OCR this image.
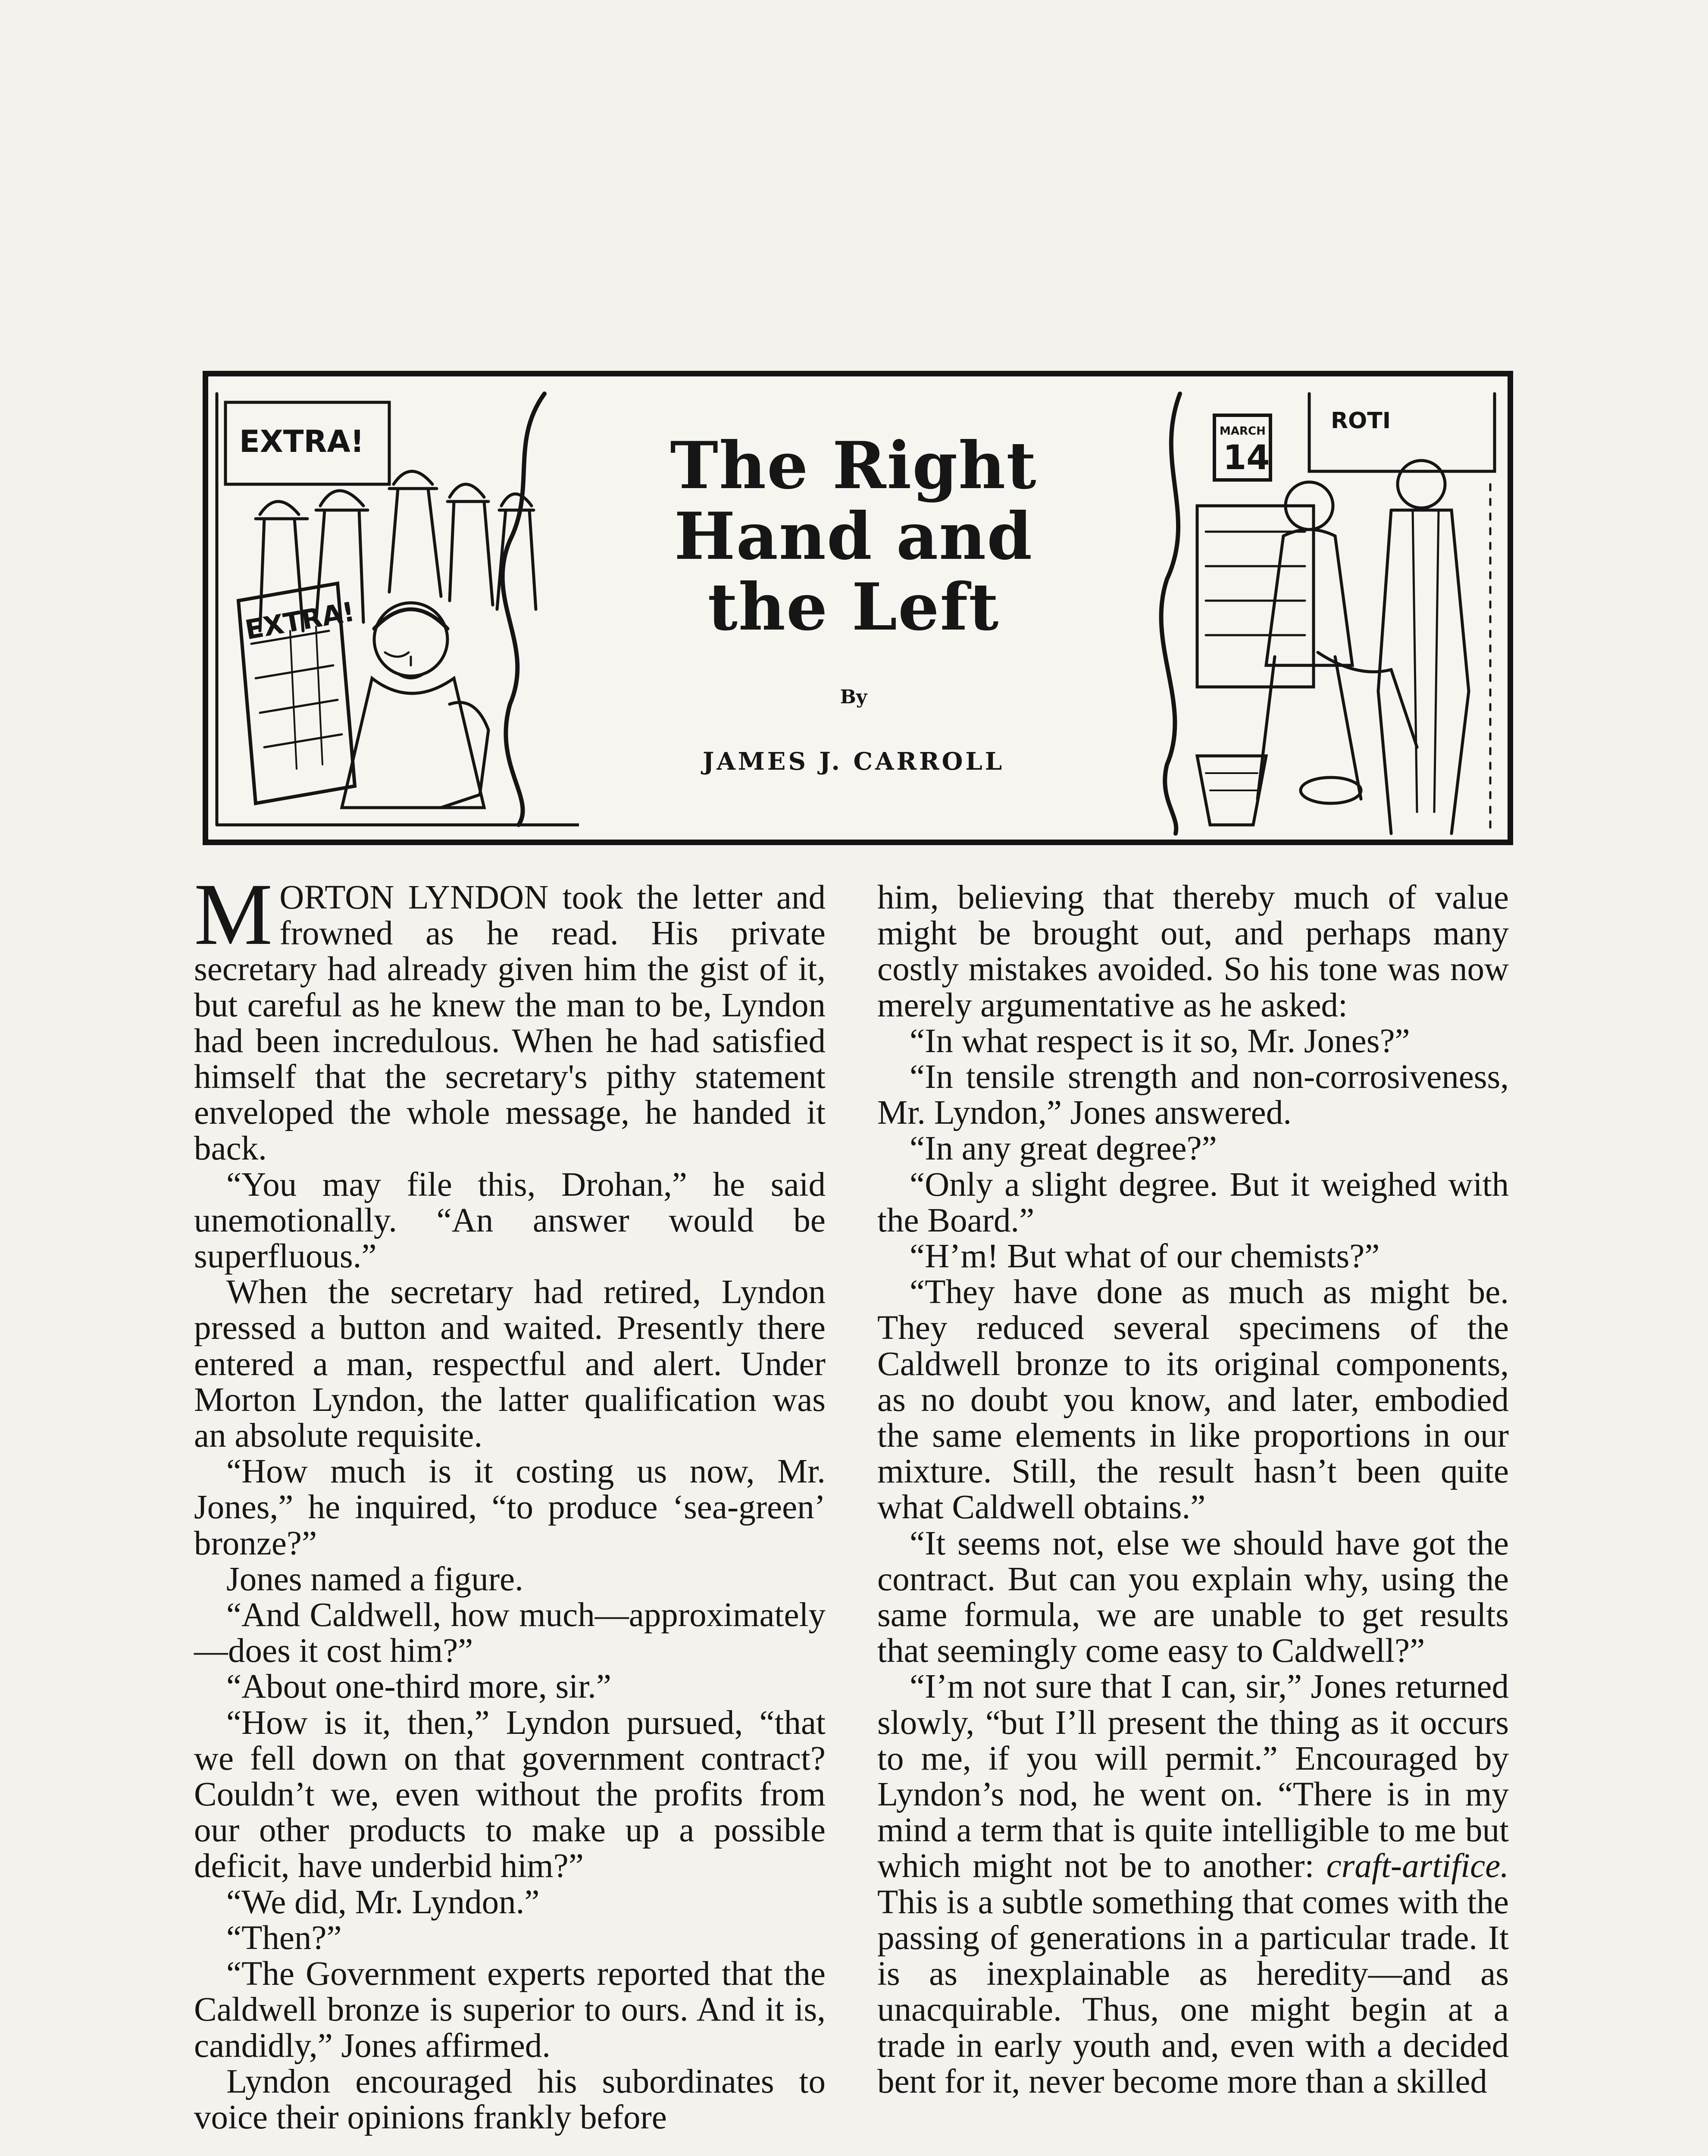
EXTRA!
EXTRA!
The Right
Hand and
the Left
By
JAMES J. CARROLL
MARCH
14
ROTI

MORTON LYNDON took the letter and frowned as he read. His private secretary had already given him the gist of it, but careful as he knew the man to be, Lyndon had been incredulous. When he had satisfied himself that the secretary's pithy statement enveloped the whole message, he handed it back.

“You may file this, Drohan,” he said unemotionally. “An answer would be superfluous.”

When the secretary had retired, Lyndon pressed a button and waited. Presently there entered a man, respectful and alert. Under Morton Lyndon, the latter qualification was an absolute requisite.

“How much is it costing us now, Mr. Jones,” he inquired, “to produce ‘sea-green’ bronze?”

Jones named a figure.

“And Caldwell, how much—approximately—does it cost him?”

“About one-third more, sir.”

“How is it, then,” Lyndon pursued, “that we fell down on that government contract? Couldn’t we, even without the profits from our other products to make up a possible deficit, have underbid him?”

“We did, Mr. Lyndon.”

“Then?”

“The Government experts reported that the Caldwell bronze is superior to ours. And it is, candidly,” Jones affirmed.

Lyndon encouraged his subordinates to voice their opinions frankly before

him, believing that thereby much of value might be brought out, and perhaps many costly mistakes avoided. So his tone was now merely argumentative as he asked:

“In what respect is it so, Mr. Jones?”

“In tensile strength and non-corrosiveness, Mr. Lyndon,” Jones answered.

“In any great degree?”

“Only a slight degree. But it weighed with the Board.”

“H’m! But what of our chemists?”

“They have done as much as might be. They reduced several specimens of the Caldwell bronze to its original components, as no doubt you know, and later, embodied the same elements in like proportions in our mixture. Still, the result hasn’t been quite what Caldwell obtains.”

“It seems not, else we should have got the contract. But can you explain why, using the same formula, we are unable to get results that seemingly come easy to Caldwell?”

“I’m not sure that I can, sir,” Jones returned slowly, “but I’ll present the thing as it occurs to me, if you will permit.” Encouraged by Lyndon’s nod, he went on. “There is in my mind a term that is quite intelligible to me but which might not be to another: craft-artifice. This is a subtle something that comes with the passing of generations in a particular trade. It is as inexplainable as heredity—and as unacquirable. Thus, one might begin at a trade in early youth and, even with a decided bent for it, never become more than a skilled
